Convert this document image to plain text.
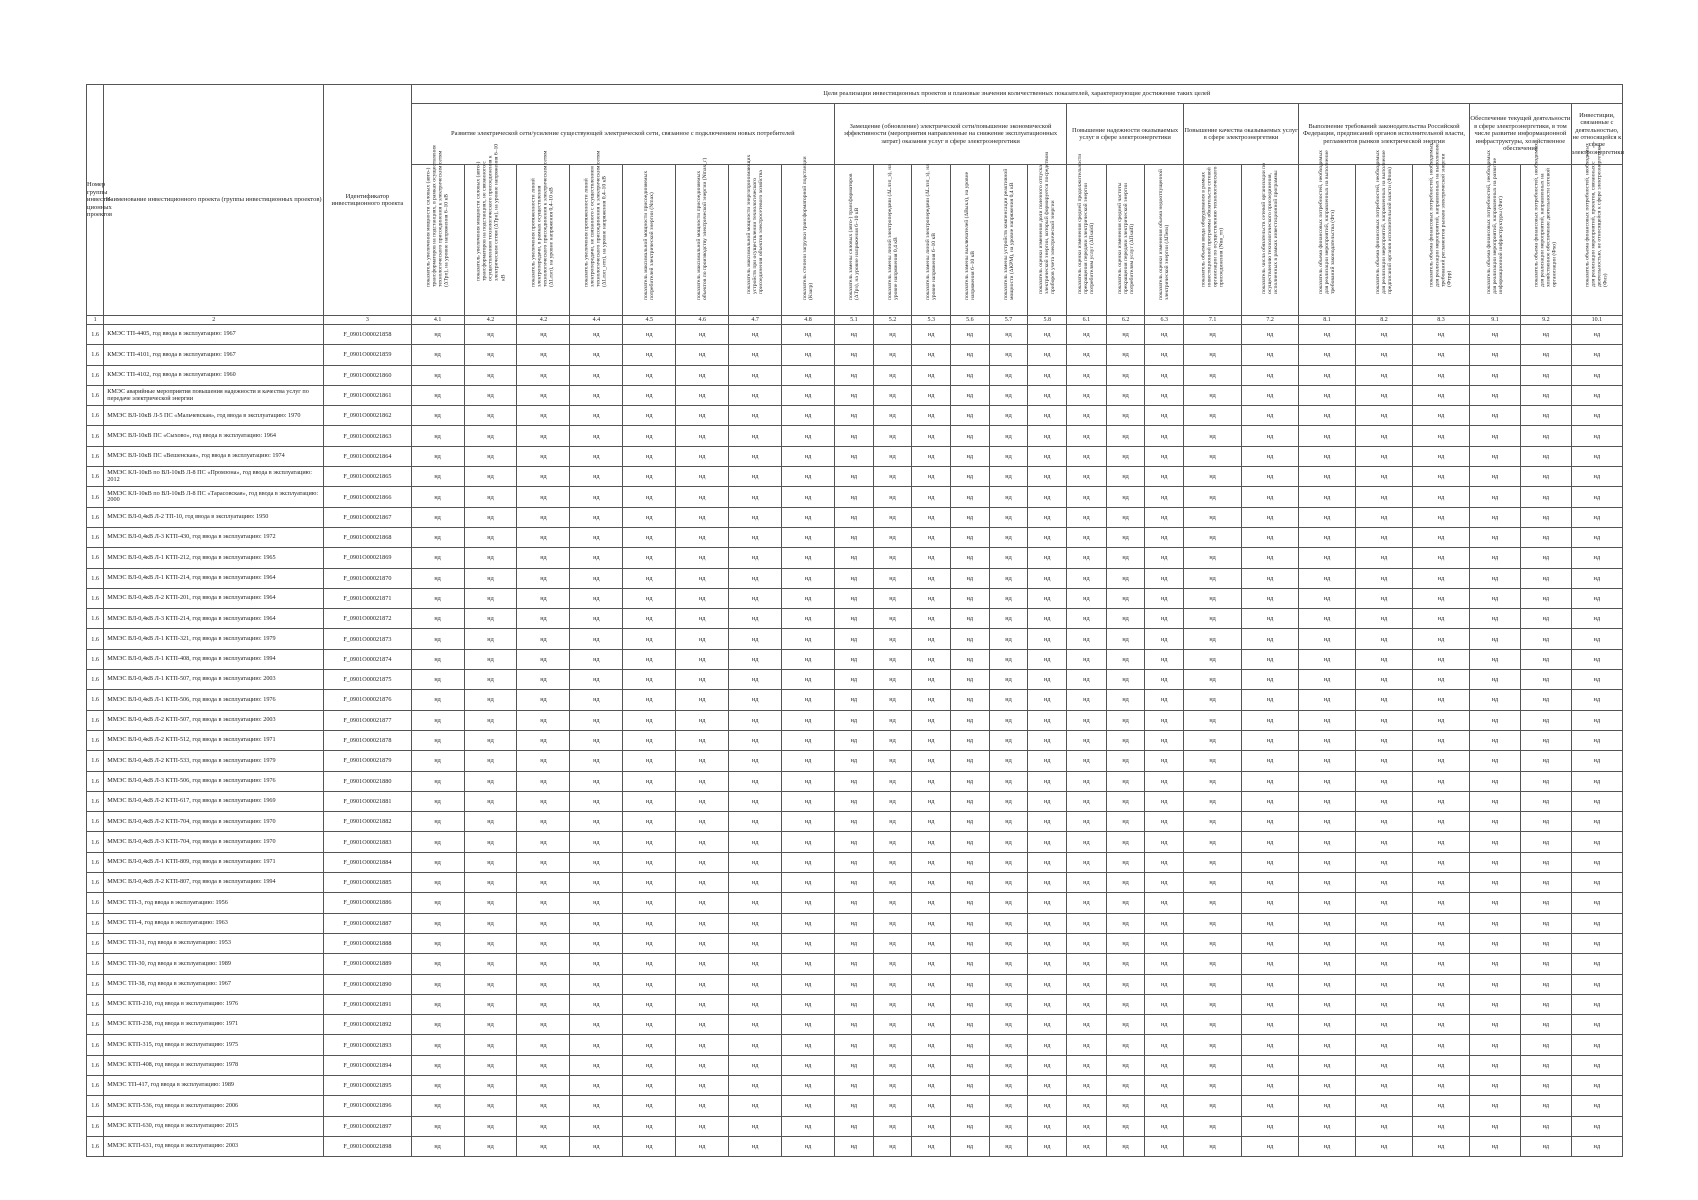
Номер группы инвести-ционных проектов	Наименование инвестиционного проекта (группы инвестиционных проектов)	Идентификатор инвестиционного проекта	Цели реализации инвестиционных проектов и плановые значения количественных показателей, характеризующие достижение таких целей																								
			Развитие электрической сети/усиление существующей электрической сети, связанное с подключением новых потребителей								Замещение (обновление) электрической сети/повышение экономической эффективности (мероприятия направленные на снижение эксплуатационных затрат) оказания услуг в сфере электроэнергетики						Повышение надежности оказываемых услуг в сфере электроэнергетики			Повышение качества оказываемых услуг в сфере электроэнергетики		Выполнение требований законодательства Российской Федерации, предписаний органов исполнительной власти, регламентов рынков электрической энергии			Обеспечение текущей деятельности в сфере электроэнергетики, в том числе развитие информационной инфраструктуры, хозяйственное обеспечение		Инвестиции, связанные с деятельностью, не относящейся к сфере электроэнергетики

			показатель увеличения мощности силовых (авто-) трансформаторов на подстанциях, в рамках осуществления технологического присоединения к электрическим сетям (ΔТрп), на уровне напряжения 6–10 кВ	показатель увеличения мощности силовых (авто-) трансформаторов на подстанциях, не связанного с осуществлением технологического присоединения к электрическим сетям (ΔТрн), на уровне напряжения 6–10 кВ	показатель увеличения протяженности линий электропередачи, в рамках осуществления технологического присоединения к электрическим сетям (ΔLлэп), на уровне напряжения 0,4–10 кВ	показатель увеличения протяженности линий электропередачи, не связанного с осуществлением технологического присоединения к электрическим сетям (ΔLлэп_нтп), на уровне напряжения 0,4–10 кВ	показатель максимальной мощности присоединяемых потребителей электрической энергии (Nmax)	показатель максимальной мощности присоединяемых объектов по производству электрической энергии (Nmax_г)	показатель максимальной мощности энергопринимающих устройств при осуществлении технологического присоединения объектов электросетевого хозяйства	показатель степени загрузки трансформаторной подстанции (Кзагр)	показатель замены силовых (авто-) трансформаторов (ΔТрз), на уровне напряжения 6–10 кВ	показатель замены линий электропередачи (ΔLлэп_з), на уровне напряжения 0,4 кВ	показатель замены линий электропередачи (ΔLлэп_з), на уровне напряжения 6–10 кВ	показатель замены выключателей (ΔВыкл), на уровне напряжения 6–10 кВ	показатель замены устройств компенсации реактивной мощности (ΔКРМ), на уровне напряжения 0,4 кВ	показатель оценки изменения доли полезного отпуска электрической энергии, который формируется посредством приборов учета электрической энергии	показатель оценки изменения средней продолжительности прекращения передачи электрической энергии потребителям услуг (ΔПsaidi)	показатель оценки изменения средней частоты прекращения передачи электрической энергии потребителям услуг (ΔПsaifi)	показатель оценки изменения объема недоотпущенной электрической энергии (ΔПens)	показатель объема ввода оборудования в рамках инвестиционной программы обязательств сетевой организации по осуществлению технологического присоединения (Nвв_тп)	показатель числа обязательств сетевой организации по осуществлению технологического присоединения, исполненных в рамках инвестиционной программы	показатель объема финансовых потребностей, необходимых для реализации мероприятий, направленных на выполнение требований законодательства (Фтз)	показатель объема финансовых потребностей, необходимых для реализации мероприятий, направленных на выполнение предписаний органов исполнительной власти (Фпов)	показатель объема финансовых потребностей, необходимых для реализации мероприятий, направленных на выполнение требований регламентов рынков электрической энергии (Фтрр)	показатель объема финансовых потребностей, необходимых для реализации мероприятий, направленных на развитие информационной инфраструктуры (Фит)	показатель объема финансовых потребностей, необходимых для реализации мероприятий, направленных на хозяйственное обеспечение деятельности сетевой организации (Фхо)	показатель объема финансовых потребностей, необходимых для реализации мероприятий, проектов, связанных с деятельностью, не относящейся к сфере электроэнергетики (Фнэ)

1	2	3	4.1	4.2	4.2	4.4	4.5	4.6	4.7	4.8	5.1	5.2	5.3	5.6	5.7	5.8	6.1	6.2	6.3	7.1	7.2	8.1	8.2	8.3	9.1	9.2	10.1
1.6	КМЭС ТП-4405, год ввода в эксплуатацию: 1967	F_0901O00021858	нд	нд	нд	нд	нд	нд	нд	нд	нд	нд	нд	нд	нд	нд	нд	нд	нд	нд	нд	нд	нд	нд	нд	нд	нд
1.6	КМЭС ТП-4101, год ввода в эксплуатацию: 1967	F_0901O00021859	нд	нд	нд	нд	нд	нд	нд	нд	нд	нд	нд	нд	нд	нд	нд	нд	нд	нд	нд	нд	нд	нд	нд	нд	нд
1.6	КМЭС ТП-4102, год ввода в эксплуатацию: 1960	F_0901O00021860	нд	нд	нд	нд	нд	нд	нд	нд	нд	нд	нд	нд	нд	нд	нд	нд	нд	нд	нд	нд	нд	нд	нд	нд	нд
1.6	КМЭС аварийные мероприятия повышения надежности и качества услуг по передаче электрической энергии	F_0901O00021861	нд	нд	нд	нд	нд	нд	нд	нд	нд	нд	нд	нд	нд	нд	нд	нд	нд	нд	нд	нд	нд	нд	нд	нд	нд
1.6	ММЭС ВЛ-10кВ Л-5 ПС «Мальчевская», год ввода в эксплуатацию: 1970	F_0901O00021862	нд	нд	нд	нд	нд	нд	нд	нд	нд	нд	нд	нд	нд	нд	нд	нд	нд	нд	нд	нд	нд	нд	нд	нд	нд
1.6	ММЭС ВЛ-10кВ ПС «Сыхово», год ввода в эксплуатацию: 1964	F_0901O00021863	нд	нд	нд	нд	нд	нд	нд	нд	нд	нд	нд	нд	нд	нд	нд	нд	нд	нд	нд	нд	нд	нд	нд	нд	нд
1.6	ММЭС ВЛ-10кВ ПС «Вешенская», год ввода в эксплуатацию: 1974	F_0901O00021864	нд	нд	нд	нд	нд	нд	нд	нд	нд	нд	нд	нд	нд	нд	нд	нд	нд	нд	нд	нд	нд	нд	нд	нд	нд
1.6	ММЭС КЛ-10кВ по ВЛ-10кВ Л-8 ПС «Промзона», год ввода в эксплуатацию: 2012	F_0901O00021865	нд	нд	нд	нд	нд	нд	нд	нд	нд	нд	нд	нд	нд	нд	нд	нд	нд	нд	нд	нд	нд	нд	нд	нд	нд
1.6	ММЭС КЛ-10кВ по ВЛ-10кВ Л-8 ПС «Тарасовская», год ввода в эксплуатацию: 2000	F_0901O00021866	нд	нд	нд	нд	нд	нд	нд	нд	нд	нд	нд	нд	нд	нд	нд	нд	нд	нд	нд	нд	нд	нд	нд	нд	нд
1.6	ММЭС ВЛ-0,4кВ Л-2 ТП-10, год ввода в эксплуатацию: 1950	F_0901O00021867	нд	нд	нд	нд	нд	нд	нд	нд	нд	нд	нд	нд	нд	нд	нд	нд	нд	нд	нд	нд	нд	нд	нд	нд	нд
1.6	ММЭС ВЛ-0,4кВ Л-3 КТП-430, год ввода в эксплуатацию: 1972	F_0901O00021868	нд	нд	нд	нд	нд	нд	нд	нд	нд	нд	нд	нд	нд	нд	нд	нд	нд	нд	нд	нд	нд	нд	нд	нд	нд
1.6	ММЭС ВЛ-0,4кВ Л-1 КТП-212, год ввода в эксплуатацию: 1965	F_0901O00021869	нд	нд	нд	нд	нд	нд	нд	нд	нд	нд	нд	нд	нд	нд	нд	нд	нд	нд	нд	нд	нд	нд	нд	нд	нд
1.6	ММЭС ВЛ-0,4кВ Л-1 КТП-214, год ввода в эксплуатацию: 1964	F_0901O00021870	нд	нд	нд	нд	нд	нд	нд	нд	нд	нд	нд	нд	нд	нд	нд	нд	нд	нд	нд	нд	нд	нд	нд	нд	нд
1.6	ММЭС ВЛ-0,4кВ Л-2 КТП-201, год ввода в эксплуатацию: 1964	F_0901O00021871	нд	нд	нд	нд	нд	нд	нд	нд	нд	нд	нд	нд	нд	нд	нд	нд	нд	нд	нд	нд	нд	нд	нд	нд	нд
1.6	ММЭС ВЛ-0,4кВ Л-3 КТП-214, год ввода в эксплуатацию: 1964	F_0901O00021872	нд	нд	нд	нд	нд	нд	нд	нд	нд	нд	нд	нд	нд	нд	нд	нд	нд	нд	нд	нд	нд	нд	нд	нд	нд
1.6	ММЭС ВЛ-0,4кВ Л-1 КТП-321, год ввода в эксплуатацию: 1979	F_0901O00021873	нд	нд	нд	нд	нд	нд	нд	нд	нд	нд	нд	нд	нд	нд	нд	нд	нд	нд	нд	нд	нд	нд	нд	нд	нд
1.6	ММЭС ВЛ-0,4кВ Л-1 КТП-408, год ввода в эксплуатацию: 1994	F_0901O00021874	нд	нд	нд	нд	нд	нд	нд	нд	нд	нд	нд	нд	нд	нд	нд	нд	нд	нд	нд	нд	нд	нд	нд	нд	нд
1.6	ММЭС ВЛ-0,4кВ Л-1 КТП-507, год ввода в эксплуатацию: 2003	F_0901O00021875	нд	нд	нд	нд	нд	нд	нд	нд	нд	нд	нд	нд	нд	нд	нд	нд	нд	нд	нд	нд	нд	нд	нд	нд	нд
1.6	ММЭС ВЛ-0,4кВ Л-1 КТП-506, год ввода в эксплуатацию: 1976	F_0901O00021876	нд	нд	нд	нд	нд	нд	нд	нд	нд	нд	нд	нд	нд	нд	нд	нд	нд	нд	нд	нд	нд	нд	нд	нд	нд
1.6	ММЭС ВЛ-0,4кВ Л-2 КТП-507, год ввода в эксплуатацию: 2003	F_0901O00021877	нд	нд	нд	нд	нд	нд	нд	нд	нд	нд	нд	нд	нд	нд	нд	нд	нд	нд	нд	нд	нд	нд	нд	нд	нд
1.6	ММЭС ВЛ-0,4кВ Л-2 КТП-512, год ввода в эксплуатацию: 1971	F_0901O00021878	нд	нд	нд	нд	нд	нд	нд	нд	нд	нд	нд	нд	нд	нд	нд	нд	нд	нд	нд	нд	нд	нд	нд	нд	нд
1.6	ММЭС ВЛ-0,4кВ Л-2 КТП-533, год ввода в эксплуатацию: 1979	F_0901O00021879	нд	нд	нд	нд	нд	нд	нд	нд	нд	нд	нд	нд	нд	нд	нд	нд	нд	нд	нд	нд	нд	нд	нд	нд	нд
1.6	ММЭС ВЛ-0,4кВ Л-3 КТП-506, год ввода в эксплуатацию: 1976	F_0901O00021880	нд	нд	нд	нд	нд	нд	нд	нд	нд	нд	нд	нд	нд	нд	нд	нд	нд	нд	нд	нд	нд	нд	нд	нд	нд
1.6	ММЭС ВЛ-0,4кВ Л-2 КТП-617, год ввода в эксплуатацию: 1969	F_0901O00021881	нд	нд	нд	нд	нд	нд	нд	нд	нд	нд	нд	нд	нд	нд	нд	нд	нд	нд	нд	нд	нд	нд	нд	нд	нд
1.6	ММЭС ВЛ-0,4кВ Л-2 КТП-704, год ввода в эксплуатацию: 1970	F_0901O00021882	нд	нд	нд	нд	нд	нд	нд	нд	нд	нд	нд	нд	нд	нд	нд	нд	нд	нд	нд	нд	нд	нд	нд	нд	нд
1.6	ММЭС ВЛ-0,4кВ Л-3 КТП-704, год ввода в эксплуатацию: 1970	F_0901O00021883	нд	нд	нд	нд	нд	нд	нд	нд	нд	нд	нд	нд	нд	нд	нд	нд	нд	нд	нд	нд	нд	нд	нд	нд	нд
1.6	ММЭС ВЛ-0,4кВ Л-1 КТП-809, год ввода в эксплуатацию: 1971	F_0901O00021884	нд	нд	нд	нд	нд	нд	нд	нд	нд	нд	нд	нд	нд	нд	нд	нд	нд	нд	нд	нд	нд	нд	нд	нд	нд
1.6	ММЭС ВЛ-0,4кВ Л-2 КТП-807, год ввода в эксплуатацию: 1994	F_0901O00021885	нд	нд	нд	нд	нд	нд	нд	нд	нд	нд	нд	нд	нд	нд	нд	нд	нд	нд	нд	нд	нд	нд	нд	нд	нд
1.6	ММЭС ТП-3, год ввода в эксплуатацию: 1956	F_0901O00021886	нд	нд	нд	нд	нд	нд	нд	нд	нд	нд	нд	нд	нд	нд	нд	нд	нд	нд	нд	нд	нд	нд	нд	нд	нд
1.6	ММЭС ТП-4, год ввода в эксплуатацию: 1963	F_0901O00021887	нд	нд	нд	нд	нд	нд	нд	нд	нд	нд	нд	нд	нд	нд	нд	нд	нд	нд	нд	нд	нд	нд	нд	нд	нд
1.6	ММЭС ТП-31, год ввода в эксплуатацию: 1953	F_0901O00021888	нд	нд	нд	нд	нд	нд	нд	нд	нд	нд	нд	нд	нд	нд	нд	нд	нд	нд	нд	нд	нд	нд	нд	нд	нд
1.6	ММЭС ТП-30, год ввода в эксплуатацию: 1989	F_0901O00021889	нд	нд	нд	нд	нд	нд	нд	нд	нд	нд	нд	нд	нд	нд	нд	нд	нд	нд	нд	нд	нд	нд	нд	нд	нд
1.6	ММЭС ТП-38, год ввода в эксплуатацию: 1967	F_0901O00021890	нд	нд	нд	нд	нд	нд	нд	нд	нд	нд	нд	нд	нд	нд	нд	нд	нд	нд	нд	нд	нд	нд	нд	нд	нд
1.6	ММЭС КТП-210, год ввода в эксплуатацию: 1976	F_0901O00021891	нд	нд	нд	нд	нд	нд	нд	нд	нд	нд	нд	нд	нд	нд	нд	нд	нд	нд	нд	нд	нд	нд	нд	нд	нд
1.6	ММЭС КТП-238, год ввода в эксплуатацию: 1971	F_0901O00021892	нд	нд	нд	нд	нд	нд	нд	нд	нд	нд	нд	нд	нд	нд	нд	нд	нд	нд	нд	нд	нд	нд	нд	нд	нд
1.6	ММЭС КТП-315, год ввода в эксплуатацию: 1975	F_0901O00021893	нд	нд	нд	нд	нд	нд	нд	нд	нд	нд	нд	нд	нд	нд	нд	нд	нд	нд	нд	нд	нд	нд	нд	нд	нд
1.6	ММЭС КТП-408, год ввода в эксплуатацию: 1978	F_0901O00021894	нд	нд	нд	нд	нд	нд	нд	нд	нд	нд	нд	нд	нд	нд	нд	нд	нд	нд	нд	нд	нд	нд	нд	нд	нд
1.6	ММЭС ТП-417, год ввода в эксплуатацию: 1989	F_0901O00021895	нд	нд	нд	нд	нд	нд	нд	нд	нд	нд	нд	нд	нд	нд	нд	нд	нд	нд	нд	нд	нд	нд	нд	нд	нд
1.6	ММЭС КТП-536, год ввода в эксплуатацию: 2006	F_0901O00021896	нд	нд	нд	нд	нд	нд	нд	нд	нд	нд	нд	нд	нд	нд	нд	нд	нд	нд	нд	нд	нд	нд	нд	нд	нд
1.6	ММЭС КТП-630, год ввода в эксплуатацию: 2015	F_0901O00021897	нд	нд	нд	нд	нд	нд	нд	нд	нд	нд	нд	нд	нд	нд	нд	нд	нд	нд	нд	нд	нд	нд	нд	нд	нд
1.6	ММЭС КТП-631, год ввода в эксплуатацию: 2003	F_0901O00021898	нд	нд	нд	нд	нд	нд	нд	нд	нд	нд	нд	нд	нд	нд	нд	нд	нд	нд	нд	нд	нд	нд	нд	нд	нд
